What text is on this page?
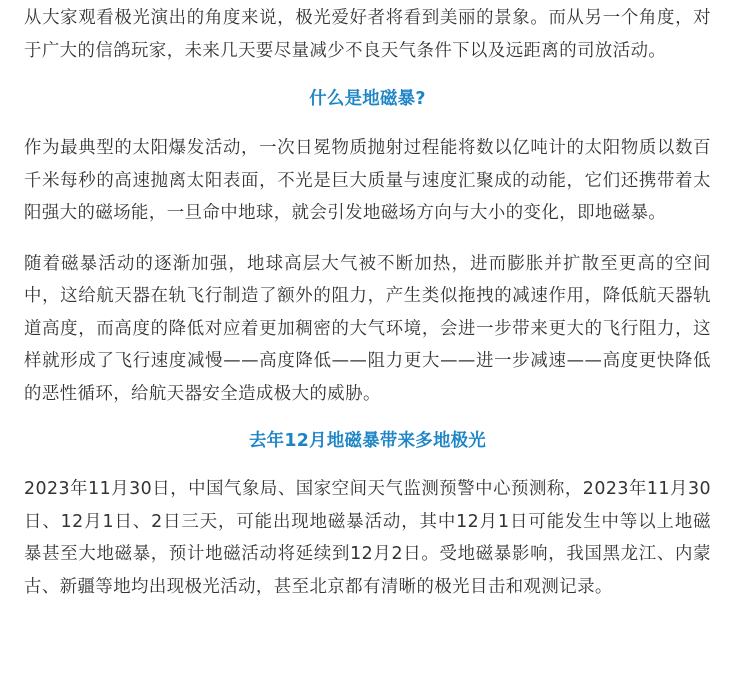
从大家观看极光演出的角度来说，极光爱好者将看到美丽的景象。而从另一个角度，对于广大的信鸽玩家，未来几天要尽量减少不良天气条件下以及远距离的司放活动。

什么是地磁暴?

作为最典型的太阳爆发活动，一次日冕物质抛射过程能将数以亿吨计的太阳物质以数百千米每秒的高速抛离太阳表面，不光是巨大质量与速度汇聚成的动能，它们还携带着太阳强大的磁场能，一旦命中地球，就会引发地磁场方向与大小的变化，即地磁暴。

随着磁暴活动的逐渐加强，地球高层大气被不断加热，进而膨胀并扩散至更高的空间中，这给航天器在轨飞行制造了额外的阻力，产生类似拖拽的减速作用，降低航天器轨道高度，而高度的降低对应着更加稠密的大气环境，会进一步带来更大的飞行阻力，这样就形成了飞行速度减慢——高度降低——阻力更大——进一步减速——高度更快降低的恶性循环，给航天器安全造成极大的威胁。

去年12月地磁暴带来多地极光

2023年11月30日，中国气象局、国家空间天气监测预警中心预测称，2023年11月30日、12月1日、2日三天，可能出现地磁暴活动，其中12月1日可能发生中等以上地磁暴甚至大地磁暴，预计地磁活动将延续到12月2日。受地磁暴影响，我国黑龙江、内蒙古、新疆等地均出现极光活动，甚至北京都有清晰的极光目击和观测记录。
